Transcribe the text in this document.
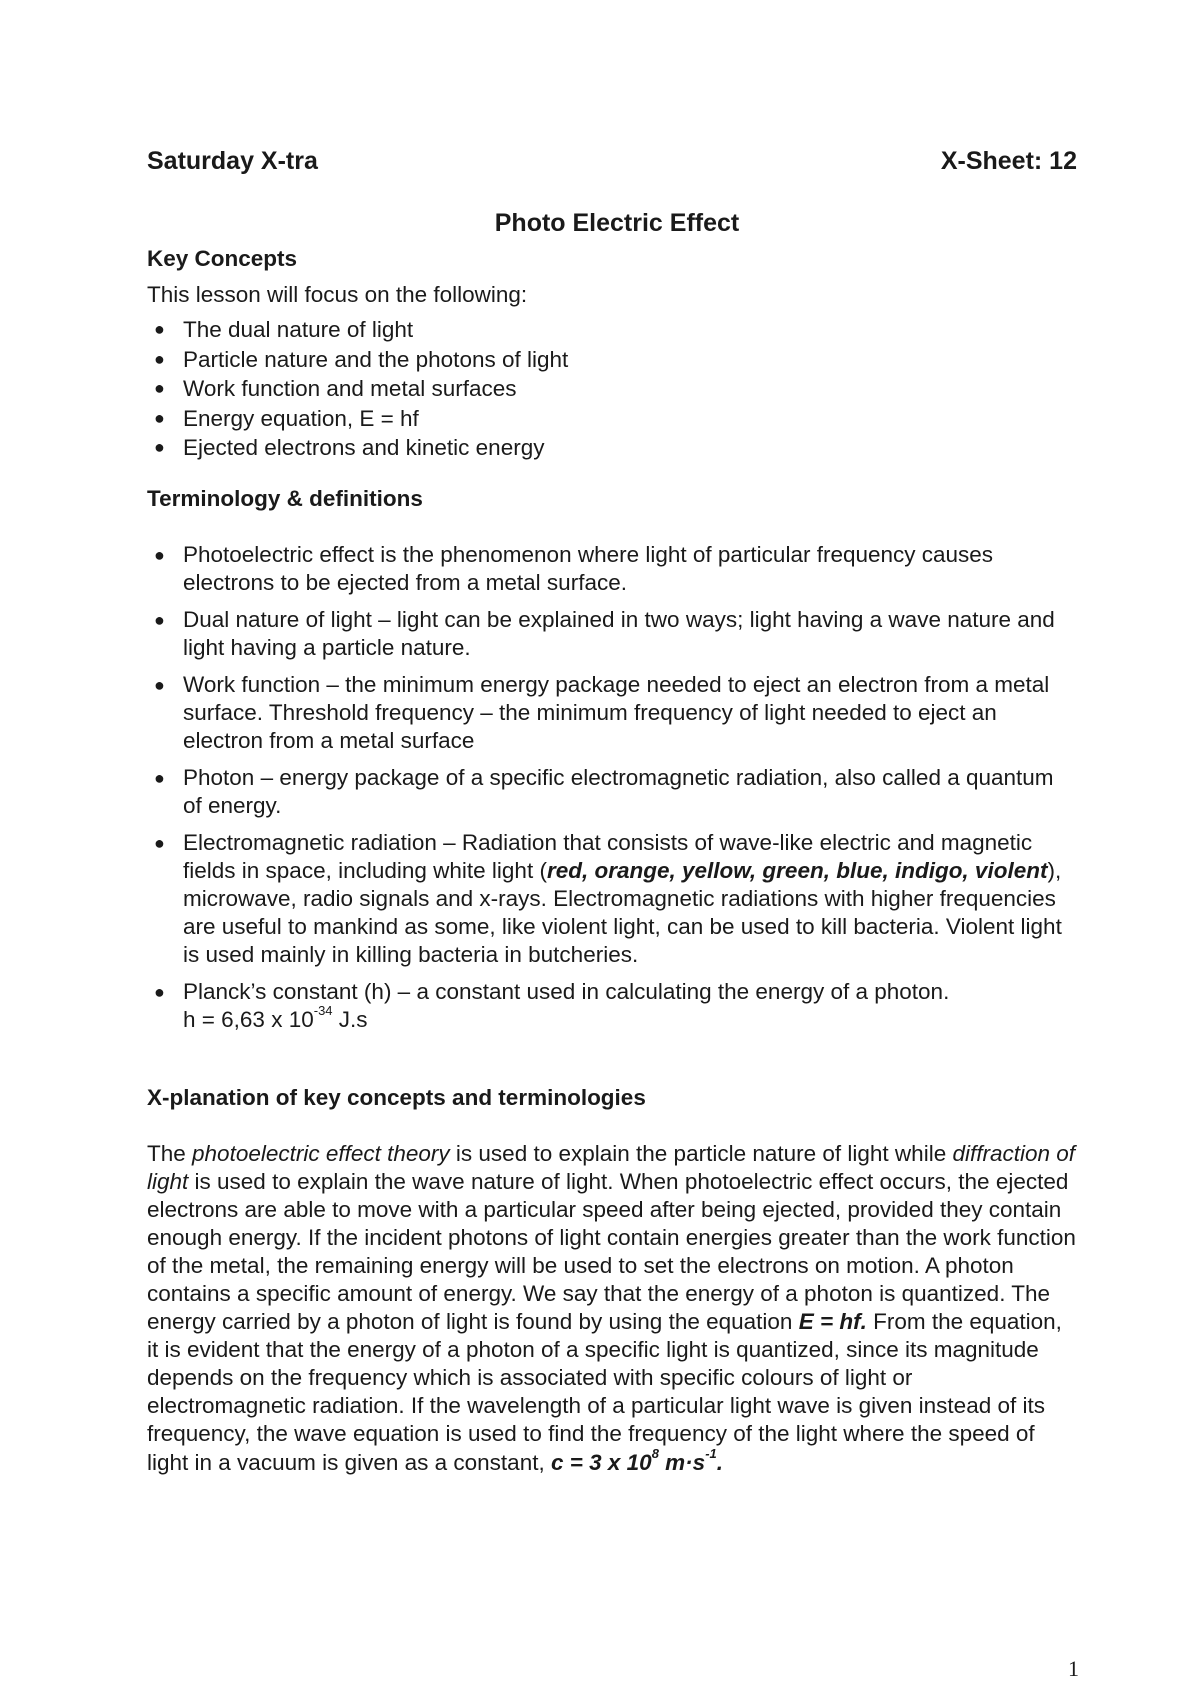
Saturday X-tra	X-Sheet: 12
Photo Electric Effect
Key Concepts
This lesson will focus on the following:
● The dual nature of light
● Particle nature and the photons of light
● Work function and metal surfaces
● Energy equation, E = hf
● Ejected electrons and kinetic energy
Terminology & definitions
● Photoelectric effect is the phenomenon where light of particular frequency causes electrons to be ejected from a metal surface.
● Dual nature of light – light can be explained in two ways; light having a wave nature and light having a particle nature.
● Work function – the minimum energy package needed to eject an electron from a metal surface. Threshold frequency – the minimum frequency of light needed to eject an electron from a metal surface
● Photon – energy package of a specific electromagnetic radiation, also called a quantum of energy.
● Electromagnetic radiation – Radiation that consists of wave-like electric and magnetic fields in space, including white light (red, orange, yellow, green, blue, indigo, violent), microwave, radio signals and x-rays. Electromagnetic radiations with higher frequencies are useful to mankind as some, like violent light, can be used to kill bacteria. Violent light is used mainly in killing bacteria in butcheries.
● Planck’s constant (h) – a constant used in calculating the energy of a photon.
h = 6,63 x $10^{-34}$ J.s
X-planation of key concepts and terminologies

The photoelectric effect theory is used to explain the particle nature of light while diffraction of light is used to explain the wave nature of light. When photoelectric effect occurs, the ejected electrons are able to move with a particular speed after being ejected, provided they contain enough energy. If the incident photons of light contain energies greater than the work function of the metal, the remaining energy will be used to set the electrons on motion. A photon contains a specific amount of energy. We say that the energy of a photon is quantized. The energy carried by a photon of light is found by using the equation E = hf. From the equation, it is evident that the energy of a photon of a specific light is quantized, since its magnitude depends on the frequency which is associated with specific colours of light or electromagnetic radiation. If the wavelength of a particular light wave is given instead of its frequency, the wave equation is used to find the frequency of the light where the speed of light in a vacuum is given as a constant, c = 3 x $10^8$ $m\cdot s^{-1}$.

1
